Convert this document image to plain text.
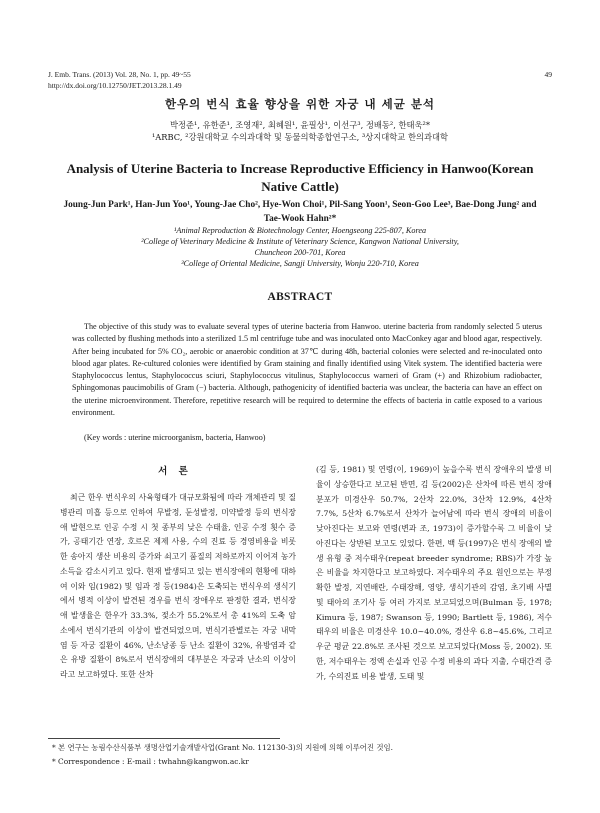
J. Emb. Trans. (2013) Vol. 28, No. 1, pp. 49~55
http://dx.doi.org/10.12750/JET.2013.28.1.49
49
한우의 번식 효율 향상을 위한 자궁 내 세균 분석
박정준¹, 유한준¹, 조영재², 최혜원¹, 윤필상¹, 이선구³, 정배동², 한태욱²*
¹ARBC, ²강원대학교 수의과대학 및 동물의학종합연구소, ³상지대학교 한의과대학
Analysis of Uterine Bacteria to Increase Reproductive Efficiency in Hanwoo(Korean Native Cattle)
Joung-Jun Park¹, Han-Jun Yoo¹, Young-Jae Cho², Hye-Won Choi¹, Pil-Sang Yoon¹, Seon-Goo Lee³, Bae-Dong Jung² and Tae-Wook Hahn²*
¹Animal Reproduction & Biotechnology Center, Hoengseong 225-807, Korea
²College of Veterinary Medicine & Institute of Veterinary Science, Kangwon National University,
Chuncheon 200-701, Korea
³College of Oriental Medicine, Sangji University, Wonju 220-710, Korea
ABSTRACT
The objective of this study was to evaluate several types of uterine bacteria from Hanwoo. uterine bacteria from randomly selected 5 uterus was collected by flushing methods into a sterilized 1.5 ml centrifuge tube and was inoculated onto MacConkey agar and blood agar, respectively. After being incubated for 5% CO₂, aerobic or anaerobic condition at 37℃ during 48h, bacterial colonies were selected and re-inoculated onto blood agar plates. Re-cultured colonies were identified by Gram staining and finally identified using Vitek system. The identified bacteria were Staphylococcus lentus, Staphylococcus sciuri, Staphylococcus vitulinus, Staphylococcus warneri of Gram (+) and Rhizobium radiobacter, Sphingomonas paucimobilis of Gram (−) bacteria. Although, pathogenicity of identified bacteria was unclear, the bacteria can have an effect on the uterine microenvironment. Therefore, repetitive research will be required to determine the effects of bacteria in cattle exposed to a various environment.
(Key words : uterine microorganism, bacteria, Hanwoo)
서 론
최근 한우 번식우의 사육형태가 대규모화됨에 따라 개체관리 및 질병관리 미흡 등으로 인하여 무발정, 둔성발정, 미약발정 등의 번식장애 발현으로 인공 수정 시 첫 종부의 낮은 수태율, 인공 수정 횟수 증가, 공태기간 연장, 호르몬 제제 사용, 수의 진료 등 경영비용을 비롯한 송아지 생산 비용의 증가와 쇠고기 품질의 저하로까지 이어져 농가 소득을 감소시키고 있다. 현재 발생되고 있는 번식장애의 현황에 대하여 이와 임(1982) 및 임과 정 등(1984)은 도축되는 번식우의 생식기에서 병적 이상이 발견된 경우를 번식 장애우로 판정한 결과, 번식장애 발생율은 한우가 33.3%, 젖소가 55.2%로서 총 41%의 도축 암소에서 번식기관의 이상이 발견되었으며, 번식기관별로는 자궁 내막염 등 자궁 질환이 46%, 난소낭종 등 난소 질환이 32%, 유방염과 같은 유방 질환이 8%로서 번식장애의 대부분은 자궁과 난소의 이상이라고 보고하였다. 또한 산차
(김 등, 1981) 및 연령(이, 1969)이 높을수록 번식 장애우의 발생 비율이 상승한다고 보고된 반면, 김 등(2002)은 산차에 따른 번식 장애 분포가 미경산우 50.7%, 2산차 22.0%, 3산차 12.9%, 4산차 7.7%, 5산차 6.7%로서 산차가 늘어남에 따라 번식 장애의 비율이 낮아진다는 보고와 연령(변과 조, 1973)이 증가할수록 그 비율이 낮아진다는 상반된 보고도 있었다. 한편, 백 등(1997)은 번식 장애의 발생 유형 중 저수태우(repeat breeder syndrome; RBS)가 가장 높은 비율을 차지한다고 보고하였다. 저수태우의 주요 원인으로는 부정확한 발정, 지연배란, 수태장해, 영양, 생식기관의 감염, 초기배 사멸 및 태아의 조기사 등 여러 가지로 보고되었으며(Bulman 등, 1978; Kimura 등, 1987; Swanson 등, 1990; Bartlett 등, 1986), 저수태우의 비율은 미경산우 10.0~40.0%, 경산우 6.8~45.6%, 그리고 우군 평균 22.8%로 조사된 것으로 보고되었다(Moss 등, 2002). 또한, 저수태우는 정액 손실과 인공 수정 비용의 과다 지출, 수태간격 증가, 수의진료 비용 발생, 도태 및
* 본 연구는 농림수산식품부 생명산업기술개발사업(Grant No. 112130-3)의 지원에 의해 이루어진 것임.
* Correspondence : E-mail : twhahn@kangwon.ac.kr
